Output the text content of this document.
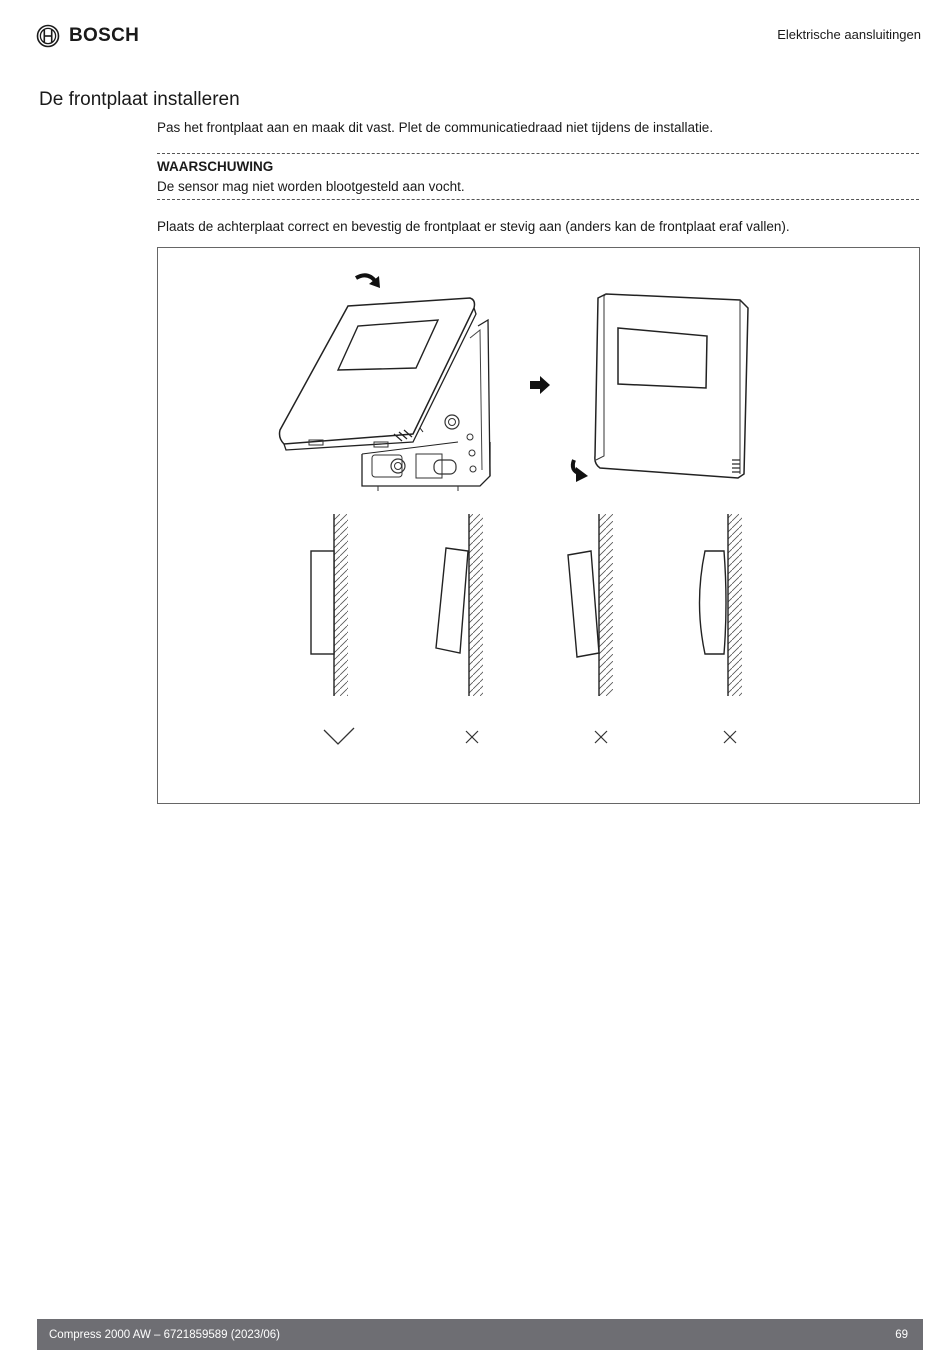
BOSCH	Elektrische aansluitingen
De frontplaat installeren
Pas het frontplaat aan en maak dit vast. Plet de communicatiedraad niet tijdens de installatie.
WAARSCHUWING
De sensor mag niet worden blootgesteld aan vocht.
Plaats de achterplaat correct en bevestig de frontplaat er stevig aan (anders kan de frontplaat eraf vallen).
Compress 2000 AW – 6721859589 (2023/06)	69
